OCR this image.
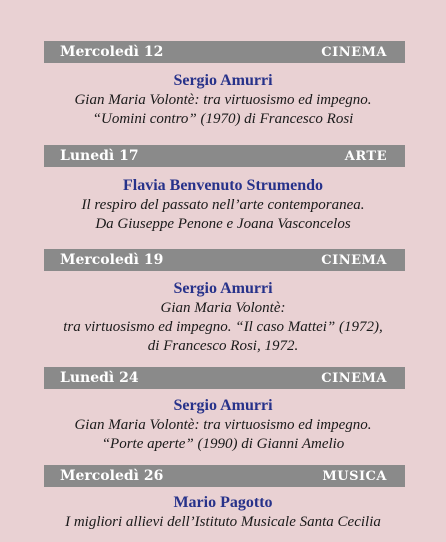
Mercoledì 12	CINEMA
Sergio Amurri
Gian Maria Volontè: tra virtuosismo ed impegno.
“Uomini contro” (1970) di Francesco Rosi
Lunedì 17	ARTE
Flavia Benvenuto Strumendo
Il respiro del passato nell’arte contemporanea.
Da Giuseppe Penone e Joana Vasconcelos
Mercoledì 19	CINEMA
Sergio Amurri
Gian Maria Volontè:
tra virtuosismo ed impegno. “Il caso Mattei” (1972),
di Francesco Rosi, 1972.
Lunedì 24	CINEMA
Sergio Amurri
Gian Maria Volontè: tra virtuosismo ed impegno.
“Porte aperte” (1990) di Gianni Amelio
Mercoledì 26	MUSICA
Mario Pagotto
I migliori allievi dell’Istituto Musicale Santa Cecilia
